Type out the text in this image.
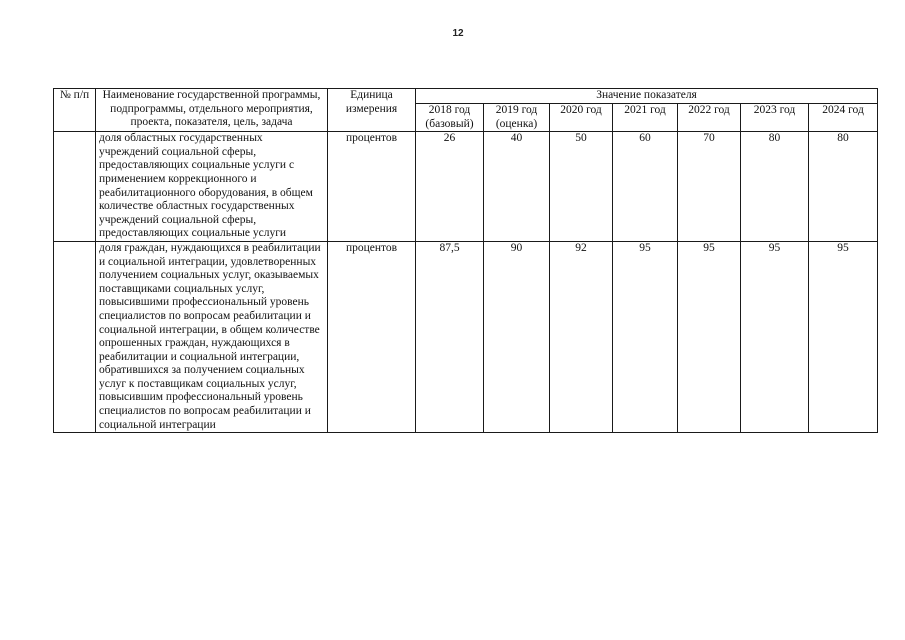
12
№ п/п	Наименование государственной программы, подпрограммы, отдельного мероприятия, проекта, показателя, цель, задача	Единица измерения	Значение показателя						
			2018 год (базовый)	2019 год (оценка)	2020 год	2021 год	2022 год	2023 год	2024 год
	доля областных государственных учреждений социальной сферы, предоставляющих социальные услуги с применением коррекционного и реабилитационного оборудования, в общем количестве областных государственных учреждений социальной сферы, предоставляющих социальные услуги	процентов	26	40	50	60	70	80	80
	доля граждан, нуждающихся в реабилитации и социальной интеграции, удовлетворенных получением социальных услуг, оказываемых поставщиками социальных услуг, повысившими профессиональный уровень специалистов по вопросам реабилитации и социальной интеграции, в общем количестве опрошенных граждан, нуждающихся в реабилитации и социальной интеграции, обратившихся за получением социальных услуг к поставщикам социальных услуг, повысившим профессиональный уровень специалистов по вопросам реабилитации и социальной интеграции	процентов	87,5	90	92	95	95	95	95
